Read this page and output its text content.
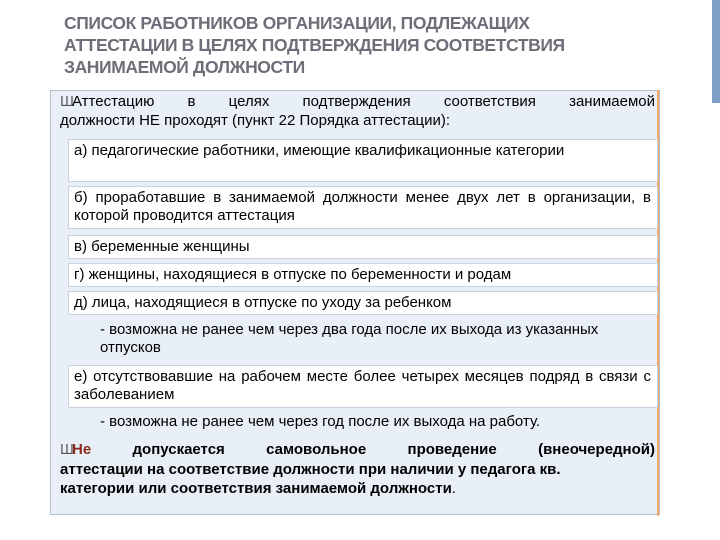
СПИСОК РАБОТНИКОВ ОРГАНИЗАЦИИ, ПОДЛЕЖАЩИХ
АТТЕСТАЦИИ В ЦЕЛЯХ ПОДТВЕРЖДЕНИЯ СООТВЕТСТВИЯ
ЗАНИМАЕМОЙ ДОЛЖНОСТИ
ШАттестацию в целях подтверждения соответствия занимаемой
должности НЕ проходят (пункт 22 Порядка аттестации):
а) педагогические работники, имеющие квалификационные категории
б) проработавшие в занимаемой должности менее двух лет в организации, в которой проводится аттестация
в) беременные женщины
г) женщины, находящиеся в отпуске по беременности и родам
д) лица, находящиеся в отпуске по уходу за ребенком
- возможна не ранее чем через два года после их выхода из указанных отпусков
е) отсутствовавшие на рабочем месте более четырех месяцев подряд в связи с заболеванием
- возможна не ранее чем через год после их выхода на работу.
ШНе допускается самовольное проведение (внеочередной)
аттестации на соответствие должности при наличии у педагога кв.
категории или соответствия занимаемой должности.
